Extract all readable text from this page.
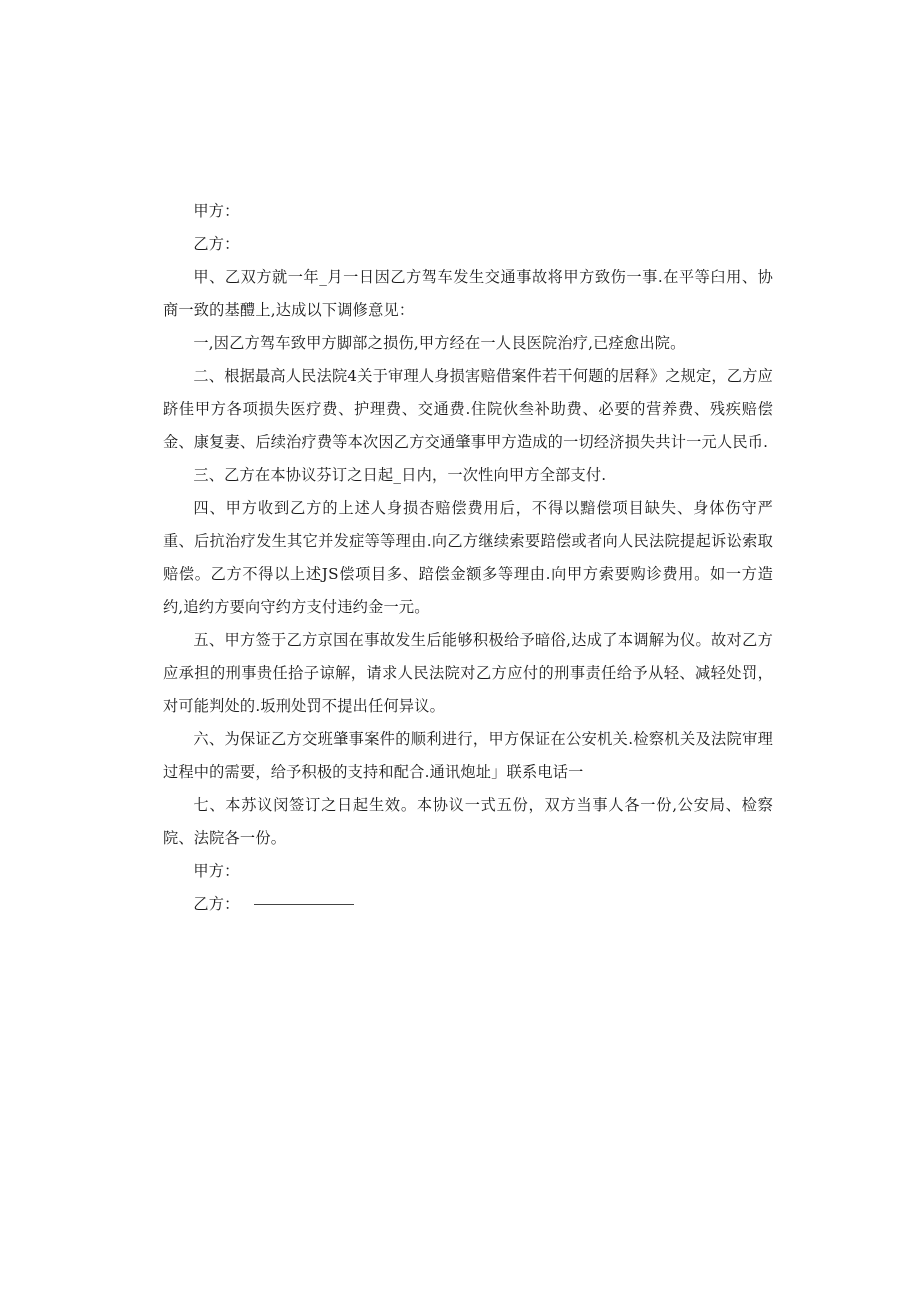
甲方：

乙方：

甲、乙双方就一年_月一日因乙方驾车发生交通事故将甲方致伤一事.在平等臼用、协商一致的基醴上,达成以下调修意见：

一,因乙方驾车致甲方脚部之损伤,甲方经在一人艮医院治疗,已痊愈出院。

二、根据最高人民法院4关于审理人身损害赔借案件若干何题的居释》之规定，乙方应跻佳甲方各项损失医疗费、护理费、交通费.住院伙叁补助费、必要的营养费、残疾赔偿金、康复妻、后续治疗费等本次因乙方交通肇事甲方造成的一切经济损失共计一元人民币.

三、乙方在本协议芬订之日起_日内，一次性向甲方全部支付.

四、甲方收到乙方的上述人身损杏赔偿费用后，不得以黯偿项目缺失、身体伤守严重、后抗治疗发生其它并发症等等理由.向乙方继续索要踣偿或者向人民法院提起诉讼索取赔偿。乙方不得以上述JS偿项目多、踣偿金额多等理由.向甲方索要购诊费用。如一方造约,追约方要向守约方支付违约金一元。

五、甲方签于乙方京国在事故发生后能够积极给予暗俗,达成了本调解为仪。故对乙方应承担的刑事贵任拾子谅解，请求人民法院对乙方应付的刑事责任给予从轻、减轻处罚，对可能判处的.坂刑处罚不提出任何异议。

六、为保证乙方交班肇事案件的顺利进行，甲方保证在公安机关.检察机关及法院审理过程中的需要，给予积极的支持和配合.通讯炮址」联系电话一

七、本苏议闵签订之日起生效。本协议一式五份，双方当事人各一份,公安局、检察院、法院各一份。

甲方：

乙方：
